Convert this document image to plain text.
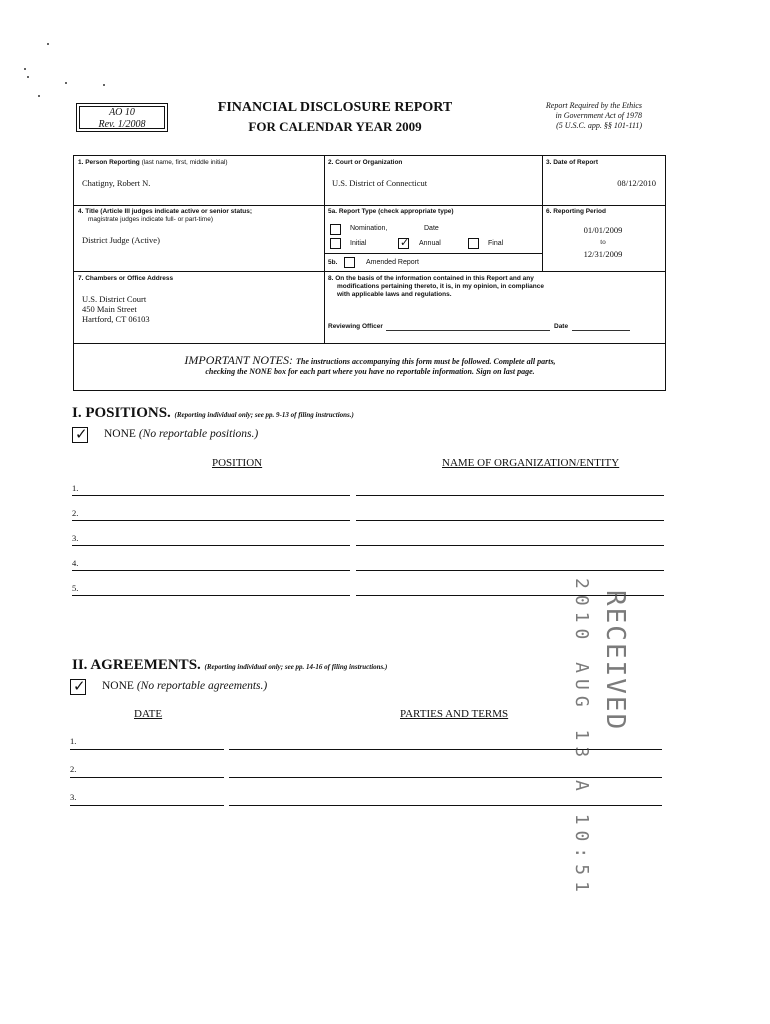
AO 10
Rev. 1/2008
FINANCIAL DISCLOSURE REPORT
FOR CALENDAR YEAR 2009
Report Required by the Ethics
in Government Act of 1978
(5 U.S.C. app. §§ 101-111)
1. Person Reporting (last name, first, middle initial)
Chatigny, Robert N.
2. Court or Organization
U.S. District of Connecticut
3. Date of Report
08/12/2010
4. Title (Article III judges indicate active or senior status;
magistrate judges indicate full- or part-time)
District Judge (Active)
5a. Report Type (check appropriate type)
Nomination,	Date
Initial
✓	Annual	Final
5b.	Amended Report
6. Reporting Period
01/01/2009
to
12/31/2009
7. Chambers or Office Address
U.S. District Court
450 Main Street
Hartford, CT 06103
8. On the basis of the information contained in this Report and any
modifications pertaining thereto, it is, in my opinion, in compliance
with applicable laws and regulations.
Reviewing Officer	Date
IMPORTANT NOTES: The instructions accompanying this form must be followed. Complete all parts,
checking the NONE box for each part where you have no reportable information. Sign on last page.
I. POSITIONS. (Reporting individual only; see pp. 9-13 of filing instructions.)
✓
NONE (No reportable positions.)
POSITION	NAME OF ORGANIZATION/ENTITY
1.
2.
3.
4.
5.
II. AGREEMENTS. (Reporting individual only; see pp. 14-16 of filing instructions.)
✓
NONE (No reportable agreements.)
DATE	PARTIES AND TERMS
1.
2.
3.
RECEIVED
2010 AUG 13 A 10:51
